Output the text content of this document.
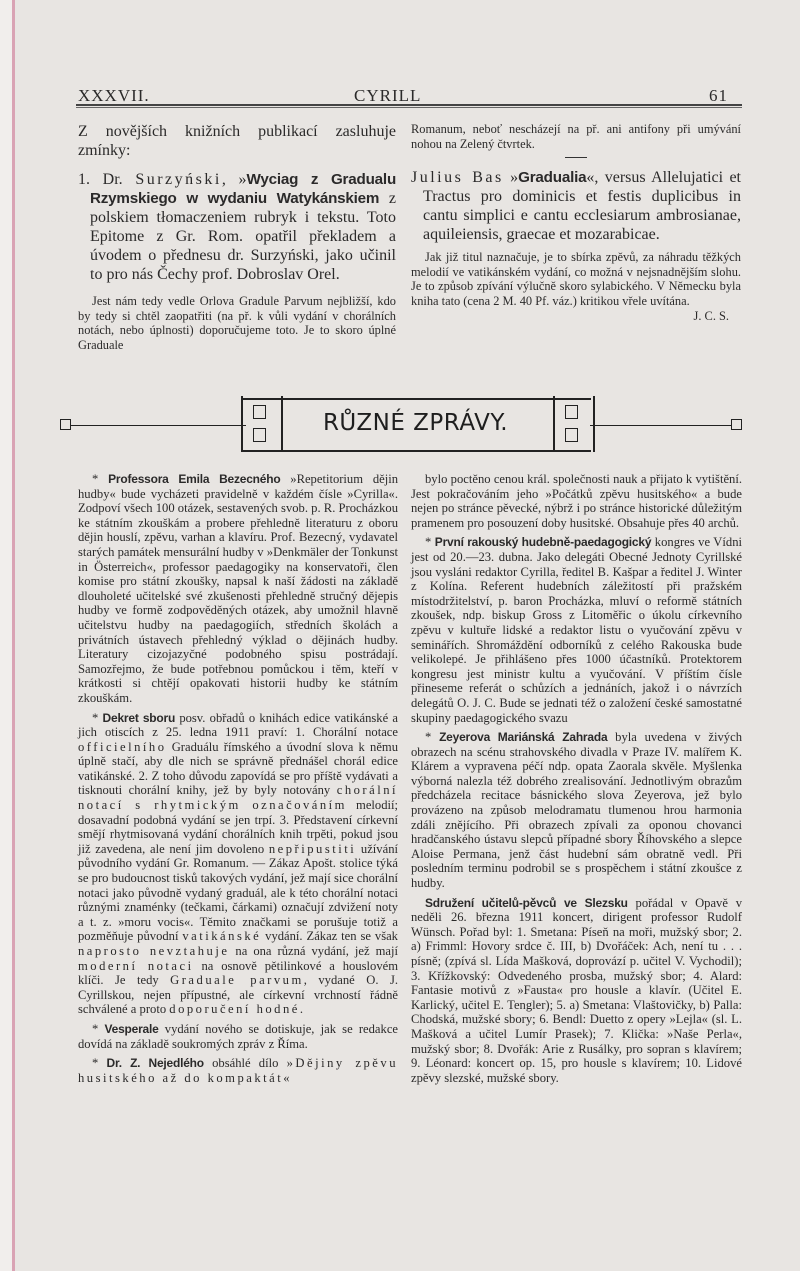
XXXVII.	CYRILL	61

Z novějších knižních publikací zasluhuje zmínky:

1. Dr. Surzyński, »Wyciag z Gradualu Rzymskiego w wydaniu Watykánskiem z polskiem tłomaczeniem rubryk i tekstu. Toto Epitome z Gr. Rom. opatřil překladem a úvodem o přednesu dr. Surzyński, jako učinil to pro nás Čechy prof. Dobroslav Orel.

Jest nám tedy vedle Orlova Gradule Parvum nejbližší, kdo by tedy si chtěl zaopatřiti (na př. k vůli vydání v chorálních notách, nebo úplnosti) doporučujeme toto. Je to skoro úplné Graduale

Romanum, neboť nescházejí na př. ani antifony při umývání nohou na Zelený čtvrtek.

Julius Bas »Gradualia«, versus Allelujatici et Tractus pro dominicis et festis duplicibus in cantu simplici e cantu ecclesiarum ambrosianae, aquileiensis, graecae et mozarabicae.

Jak již titul naznačuje, je to sbírka zpěvů, za náhradu těžkých melodií ve vatikánském vydání, co možná v nejsnadnějším slohu. Je to způsob zpívání výlučně skoro sylabického. V Německu byla kniha tato (cena 2 M. 40 Pf. váz.) kritikou vřele uvítána.

J. C. S.

RŮZNÉ ZPRÁVY.

* Professora Emila Bezecného »Repetitorium dějin hudby« bude vycházeti pravidelně v každém čísle »Cyrilla«. Zodpoví všech 100 otázek, sestavených svob. p. R. Procházkou ke státním zkouškám a probere přehledně literaturu z oboru dějin houslí, zpěvu, varhan a klavíru. Prof. Bezecný, vydavatel starých památek mensurální hudby v »Denkmäler der Tonkunst in Österreich«, professor paedagogiky na konservatoři, člen komise pro státní zkoušky, napsal k naší žádosti na základě dlouholeté učitelské své zkušenosti přehledně stručný dějepis hudby ve formě zodpověděných otázek, aby umožnil hlavně učitelstvu hudby na paedagogiích, středních školách a privátních ústavech přehledný výklad o dějinách hudby. Literatury cizojazyčné podobného spisu postrádají. Samozřejmo, že bude potřebnou pomůckou i těm, kteří v krátkosti si chtějí opakovati historii hudby ke státním zkouškám.

* Dekret sboru posv. obřadů o knihách edice vatikánské a jich otiscích z 25. ledna 1911 praví: 1. Chorální notace officielního Graduálu římského a úvodní slova k němu úplně stačí, aby dle nich se správně přednášel chorál edice vatikánské. 2. Z toho důvodu zapovídá se pro příště vydávati a tisknouti chorální knihy, jež by byly notovány chorální notací s rhytmickým označováním melodií; dosavadní podobná vydání se jen trpí. 3. Představení církevní smějí rhytmisovaná vydání chorálních knih trpěti, pokud jsou již zavedena, ale není jim dovoleno nepřipustiti užívání původního vydání Gr. Romanum. — Zákaz Apošt. stolice týká se pro budoucnost tisků takových vydání, jež mají sice chorální notaci jako původně vydaný graduál, ale k této chorální notaci různými znaménky (tečkami, čárkami) označují zdvižení noty a t. z. »moru vocis«. Těmito značkami se porušuje totiž a pozměňuje původní vatikánské vydání. Zákaz ten se však naprosto nevztahuje na ona různá vydání, jež mají moderní notaci na osnově pětilinkové a houslovém klíči. Je tedy Graduale parvum, vydané O. J. Cyrillskou, nejen přípustné, ale církevní vrchností řádně schválené a proto doporučení hodné.

* Vesperale vydání nového se dotiskuje, jak se redakce dovídá na základě soukromých zpráv z Říma.

* Dr. Z. Nejedlého obsáhlé dílo »Dějiny zpěvu husitského až do kompaktát«

bylo poctěno cenou král. společnosti nauk a přijato k vytištění. Jest pokračováním jeho »Počátků zpěvu husitského« a bude nejen po stránce pěvecké, nýbrž i po stránce historické důležitým pramenem pro posouzení doby husitské. Obsahuje přes 40 archů.

* První rakouský hudebně-paedagogický kongres ve Vídni jest od 20.—23. dubna. Jako delegáti Obecné Jednoty Cyrillské jsou vysláni redaktor Cyrilla, ředitel B. Kašpar a ředitel J. Winter z Kolína. Referent hudebních záležitostí při pražském místodržitelství, p. baron Procházka, mluví o reformě státních zkoušek, ndp. biskup Gross z Litoměřic o úkolu církevního zpěvu v kultuře lidské a redaktor listu o vyučování zpěvu v seminářích. Shromáždění odborníků z celého Rakouska bude velikolepé. Je přihlášeno přes 1000 účastníků. Protektorem kongresu jest ministr kultu a vyučování. V příštím čísle přineseme referát o schůzích a jednáních, jakož i o návrzích delegátů O. J. C. Bude se jednati též o založení české samostatné skupiny paedagogického svazu

* Zeyerova Mariánská Zahrada byla uvedena v živých obrazech na scénu strahovského divadla v Praze IV. malířem K. Klárem a vypravena péčí ndp. opata Zaorala skvěle. Myšlenka výborná nalezla též dobrého zrealisování. Jednotlivým obrazům předcházela recitace básnického slova Zeyerova, jež bylo provázeno na způsob melodramatu tlumenou hrou harmonia zdáli znějícího. Při obrazech zpívali za oponou chovanci hradčanského ústavu slepců případné sbory Říhovského a slepce Aloise Permana, jenž část hudební sám obratně vedl. Při posledním terminu podrobil se s prospěchem i státní zkoušce z hudby.

Sdružení učitelů-pěvců ve Slezsku pořádal v Opavě v neděli 26. března 1911 koncert, dirigent professor Rudolf Wünsch. Pořad byl: 1. Smetana: Píseň na moři, mužský sbor; 2. a) Frimml: Hovory srdce č. III, b) Dvořáček: Ach, není tu . . . písně; (zpívá sl. Lída Mašková, doprovází p. učitel V. Vychodil); 3. Křížkovský: Odvedeného prosba, mužský sbor; 4. Alard: Fantasie motivů z »Fausta« pro housle a klavír. (Učitel E. Karlický, učitel E. Tengler); 5. a) Smetana: Vlaštovičky, b) Palla: Chodská, mužské sbory; 6. Bendl: Duetto z opery »Lejla« (sl. L. Mašková a učitel Lumír Prasek); 7. Klička: »Naše Perla«, mužský sbor; 8. Dvořák: Arie z Rusálky, pro sopran s klavírem; 9. Léonard: koncert op. 15, pro housle s klavírem; 10. Lidové zpěvy slezské, mužské sbory.
